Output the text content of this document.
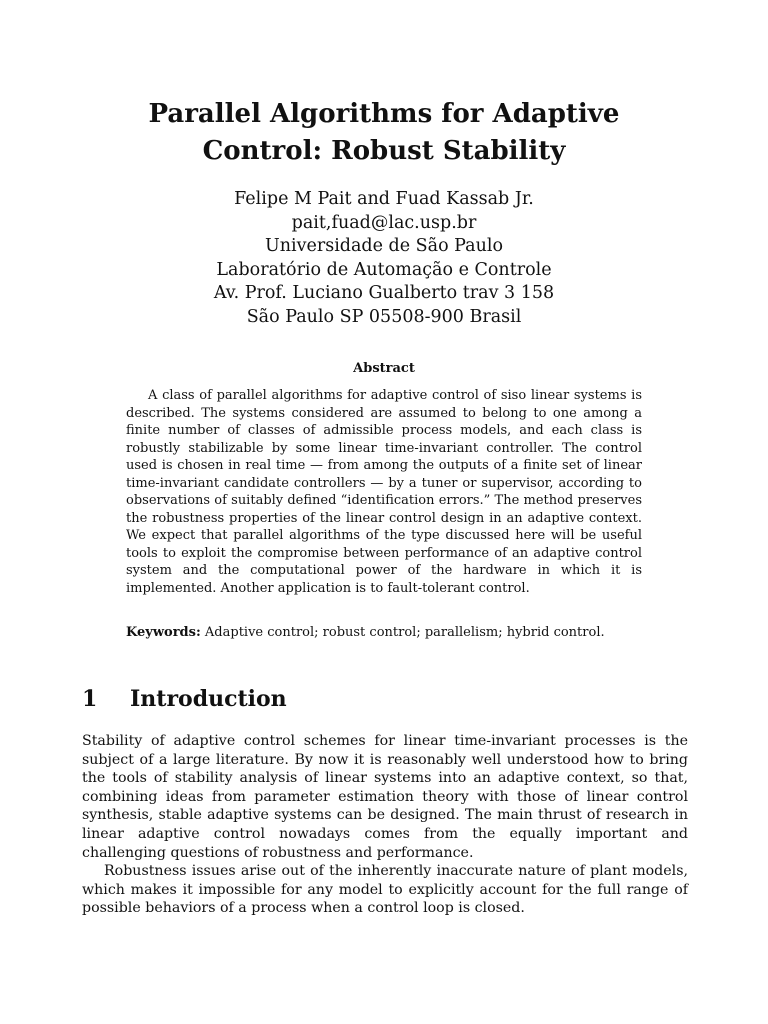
Parallel Algorithms for Adaptive
Control: Robust Stability
Felipe M Pait and Fuad Kassab Jr.
pait,fuad@lac.usp.br
Universidade de São Paulo
Laboratório de Automação e Controle
Av. Prof. Luciano Gualberto trav 3 158
São Paulo SP 05508-900 Brasil
Abstract

A class of parallel algorithms for adaptive control of siso linear systems is described. The systems considered are assumed to belong to one among a finite number of classes of admissible process models, and each class is robustly stabilizable by some linear time-invariant controller. The control used is chosen in real time — from among the outputs of a finite set of linear time-invariant candidate controllers — by a tuner or supervisor, according to observations of suitably defined “identification errors.” The method preserves the robustness properties of the linear control design in an adaptive context. We expect that parallel algorithms of the type discussed here will be useful tools to exploit the compromise between performance of an adaptive control system and the computational power of the hardware in which it is implemented. Another application is to fault-tolerant control.

Keywords: Adaptive control; robust control; parallelism; hybrid control.

1 Introduction

Stability of adaptive control schemes for linear time-invariant processes is the subject of a large literature. By now it is reasonably well understood how to bring the tools of stability analysis of linear systems into an adaptive context, so that, combining ideas from parameter estimation theory with those of linear control synthesis, stable adaptive systems can be designed. The main thrust of research in linear adaptive control nowadays comes from the equally important and challenging questions of robustness and performance.

Robustness issues arise out of the inherently inaccurate nature of plant models, which makes it impossible for any model to explicitly account for the full range of possible behaviors of a process when a control loop is closed.
